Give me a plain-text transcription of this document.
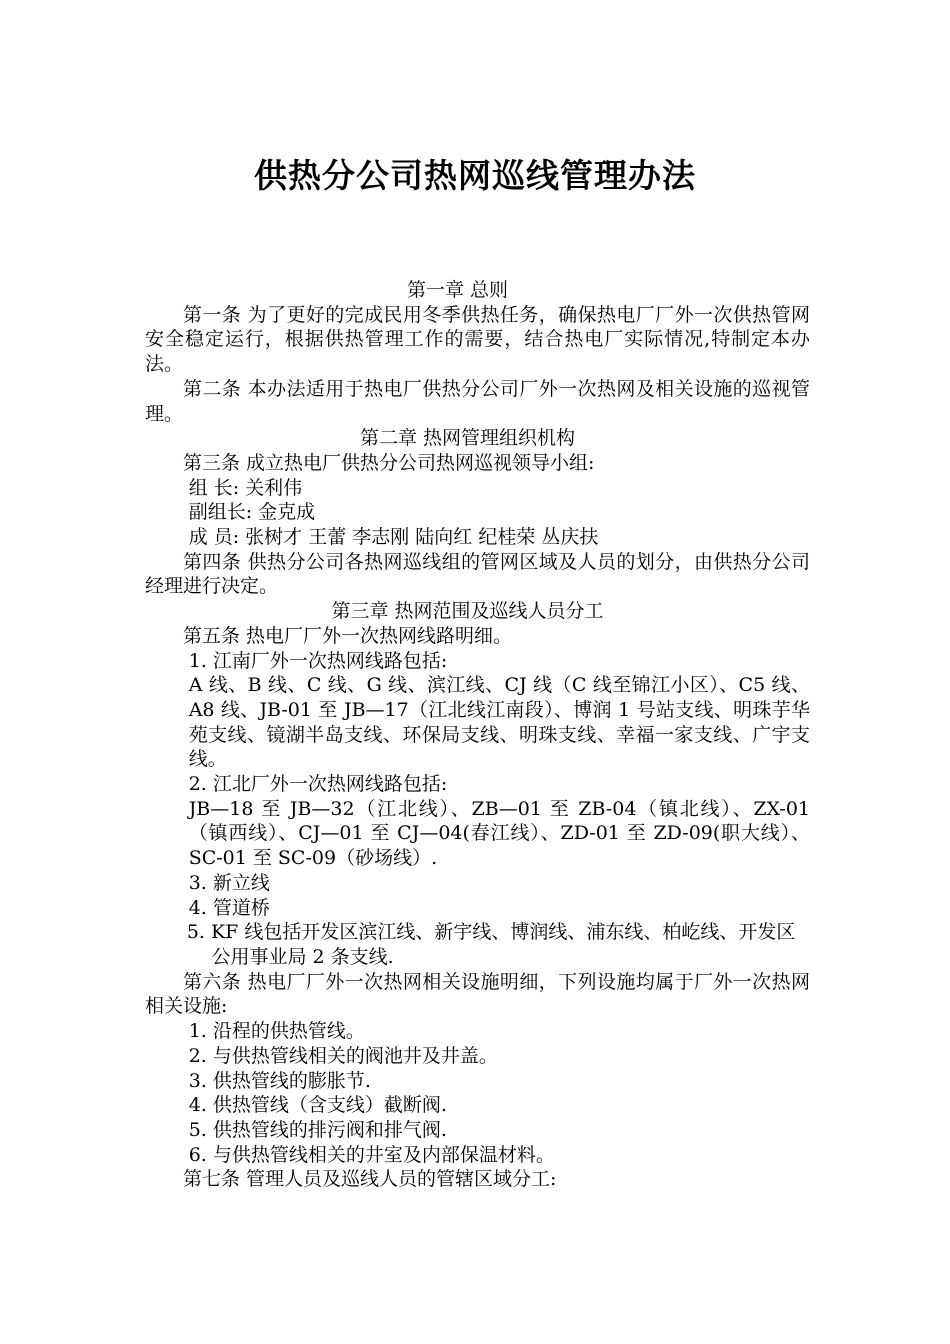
供热分公司热网巡线管理办法

第一章 总则

第一条 为了更好的完成民用冬季供热任务，确保热电厂厂外一次供热管网安全稳定运行，根据供热管理工作的需要，结合热电厂实际情况,特制定本办法。

第二条 本办法适用于热电厂供热分公司厂外一次热网及相关设施的巡视管理。

第二章 热网管理组织机构

第三条 成立热电厂供热分公司热网巡视领导小组:

组 长: 关利伟

副组长: 金克成

成 员: 张树才 王蕾 李志刚 陆向红 纪桂荣 丛庆扶

第四条 供热分公司各热网巡线组的管网区域及人员的划分，由供热分公司经理进行决定。

第三章 热网范围及巡线人员分工

第五条 热电厂厂外一次热网线路明细。

1. 江南厂外一次热网线路包括:

A 线、B 线、C 线、G 线、滨江线、CJ 线（C 线至锦江小区）、C5 线、A8 线、JB-01 至 JB—17（江北线江南段）、博润 1 号站支线、明珠芋华苑支线、镜湖半岛支线、环保局支线、明珠支线、幸福一家支线、广宇支线。

2. 江北厂外一次热网线路包括:

JB—18 至 JB—32（江北线）、ZB—01 至 ZB-04（镇北线）、ZX-01（镇西线）、CJ—01 至 CJ—04(春江线）、ZD-01 至 ZD-09(职大线）、SC-01 至 SC-09（砂场线）.

3. 新立线

4. 管道桥

5. KF 线包括开发区滨江线、新宇线、博润线、浦东线、柏屹线、开发区公用事业局 2 条支线.

第六条 热电厂厂外一次热网相关设施明细，下列设施均属于厂外一次热网相关设施:

1. 沿程的供热管线。

2. 与供热管线相关的阀池井及井盖。

3. 供热管线的膨胀节.

4. 供热管线（含支线）截断阀.

5. 供热管线的排污阀和排气阀.

6. 与供热管线相关的井室及内部保温材料。

第七条 管理人员及巡线人员的管辖区域分工:
